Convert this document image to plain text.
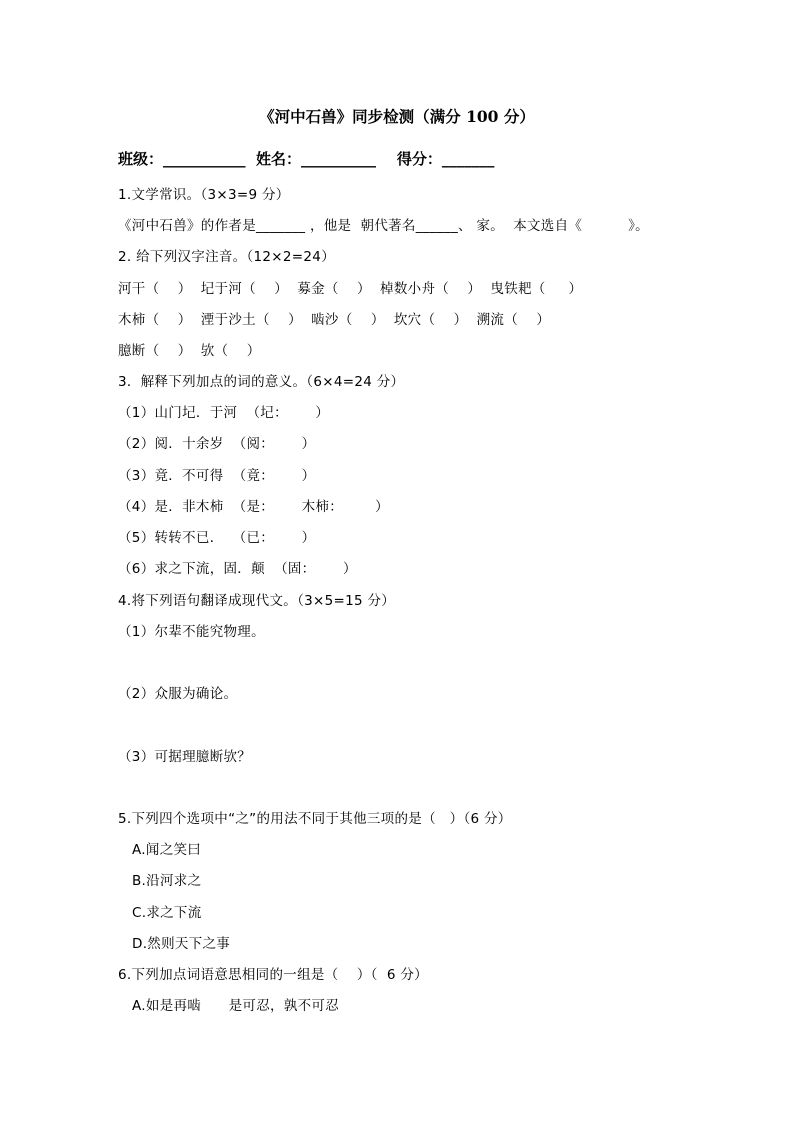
《河中石兽》同步检测（满分 100 分）
班级：___________  姓名：__________    得分：_______
1.文学常识。（3×3=9 分）
《河中石兽》的作者是_______ ，他是  朝代著名______、 家。  本文选自《          》。
2. 给下列汉字注音。（12×2=24）
河干（    ）  圮于河（    ）  募金（    ）  棹数小舟（    ）  曳铁耙（     ）
木柿（    ）  湮于沙土（    ）  啮沙（    ）  坎穴（    ）  溯流（    ）
臆断（    ）  欤（    ）
3．解释下列加点的词的意义。（6×4=24 分）
（1）山门圮．于河  （圮：      ）
（2）阅．十余岁  （阅：      ）
（3）竟．不可得  （竟：      ）
（4）是．非木柿  （是：      木柿：       ）
（5）转转不已．  （已：      ）
（6）求之下流，固．颠  （固：      ）
4.将下列语句翻译成现代文。（3×5=15 分）
（1）尔辈不能究物理。
（2）众服为确论。
（3）可据理臆断欤？
5.下列四个选项中“之”的用法不同于其他三项的是（   ）（6 分）
A.闻之笑曰
B.沿河求之
C.求之下流
D.然则天下之事
6.下列加点词语意思相同的一组是（    ）（  6 分）
A.如是再啮      是可忍，孰不可忍
